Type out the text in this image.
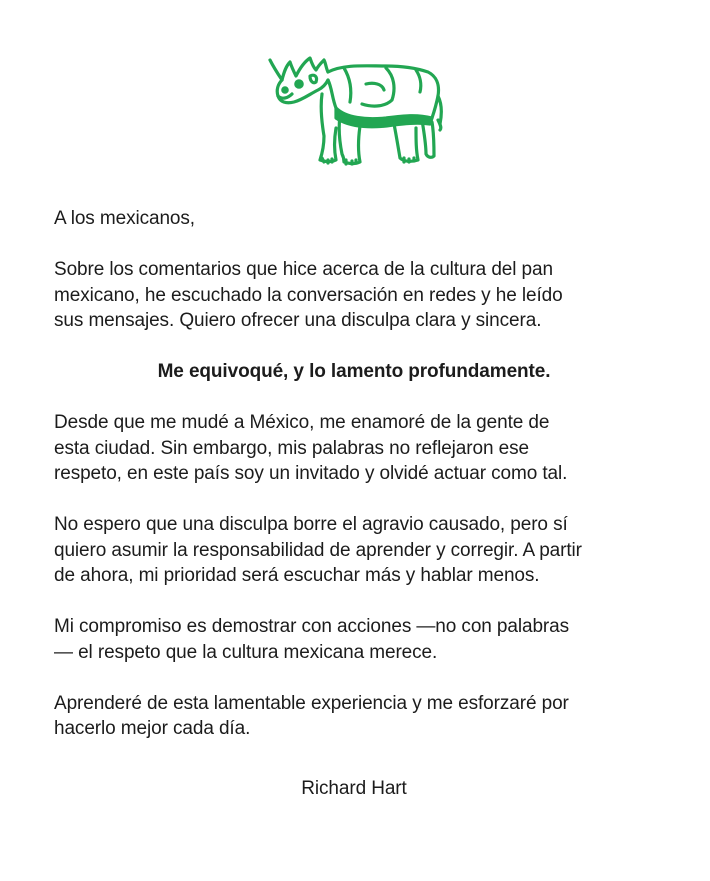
A los mexicanos,

Sobre los comentarios que hice acerca de la cultura del pan
mexicano, he escuchado la conversación en redes y he leído
sus mensajes. Quiero ofrecer una disculpa clara y sincera.

Me equivoqué, y lo lamento profundamente.

Desde que me mudé a México, me enamoré de la gente de
esta ciudad. Sin embargo, mis palabras no reflejaron ese
respeto, en este país soy un invitado y olvidé actuar como tal.

No espero que una disculpa borre el agravio causado, pero sí
quiero asumir la responsabilidad de aprender y corregir. A partir
de ahora, mi prioridad será escuchar más y hablar menos.

Mi compromiso es demostrar con acciones —no con palabras
— el respeto que la cultura mexicana merece.

Aprenderé de esta lamentable experiencia y me esforzaré por
hacerlo mejor cada día.

Richard Hart
